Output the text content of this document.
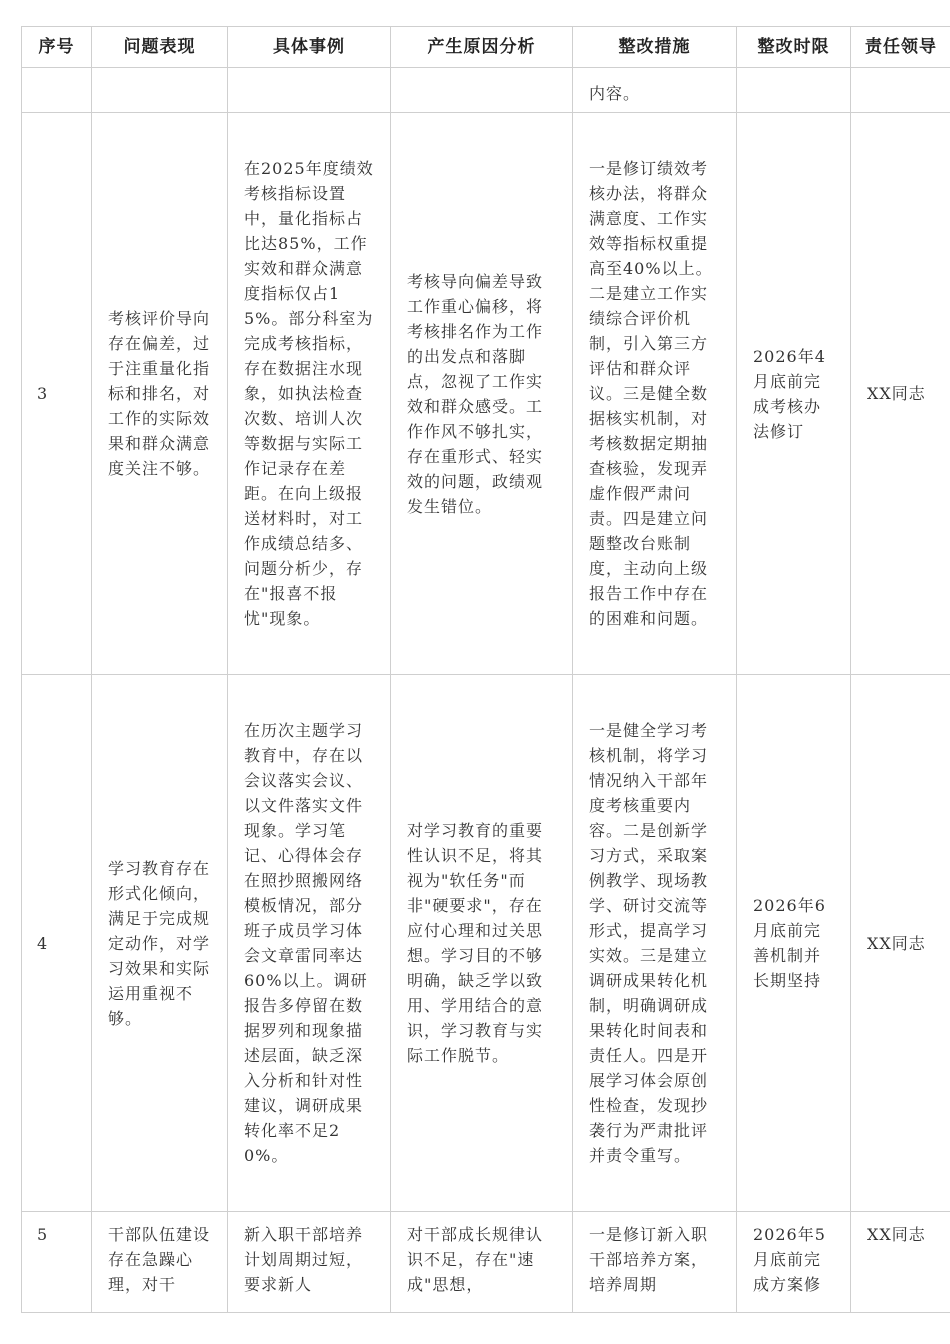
序号	问题表现	具体事例	产生原因分析	整改措施	整改时限	责任领导
				内容。		
3	考核评价导向存在偏差，过于注重量化指标和排名，对工作的实际效果和群众满意度关注不够。	在2025年度绩效考核指标设置中，量化指标占比达85%，工作实效和群众满意度指标仅占15%。部分科室为完成考核指标，存在数据注水现象，如执法检查次数、培训人次等数据与实际工作记录存在差距。在向上级报送材料时，对工作成绩总结多、问题分析少，存在"报喜不报忧"现象。	考核导向偏差导致工作重心偏移，将考核排名作为工作的出发点和落脚点，忽视了工作实效和群众感受。工作作风不够扎实，存在重形式、轻实效的问题，政绩观发生错位。	一是修订绩效考核办法，将群众满意度、工作实效等指标权重提高至40%以上。二是建立工作实绩综合评价机制，引入第三方评估和群众评议。三是健全数据核实机制，对考核数据定期抽查核验，发现弄虚作假严肃问责。四是建立问题整改台账制度，主动向上级报告工作中存在的困难和问题。	2026年4月底前完成考核办法修订	XX同志
4	学习教育存在形式化倾向，满足于完成规定动作，对学习效果和实际运用重视不够。	在历次主题学习教育中，存在以会议落实会议、以文件落实文件现象。学习笔记、心得体会存在照抄照搬网络模板情况，部分班子成员学习体会文章雷同率达60%以上。调研报告多停留在数据罗列和现象描述层面，缺乏深入分析和针对性建议，调研成果转化率不足20%。	对学习教育的重要性认识不足，将其视为"软任务"而非"硬要求"，存在应付心理和过关思想。学习目的不够明确，缺乏学以致用、学用结合的意识，学习教育与实际工作脱节。	一是健全学习考核机制，将学习情况纳入干部年度考核重要内容。二是创新学习方式，采取案例教学、现场教学、研讨交流等形式，提高学习实效。三是建立调研成果转化机制，明确调研成果转化时间表和责任人。四是开展学习体会原创性检查，发现抄袭行为严肃批评并责令重写。	2026年6月底前完善机制并长期坚持	XX同志
5	干部队伍建设存在急躁心理，对干	新入职干部培养计划周期过短，要求新人	对干部成长规律认识不足，存在"速成"思想，	一是修订新入职干部培养方案，培养周期	2026年5月底前完成方案修	XX同志
